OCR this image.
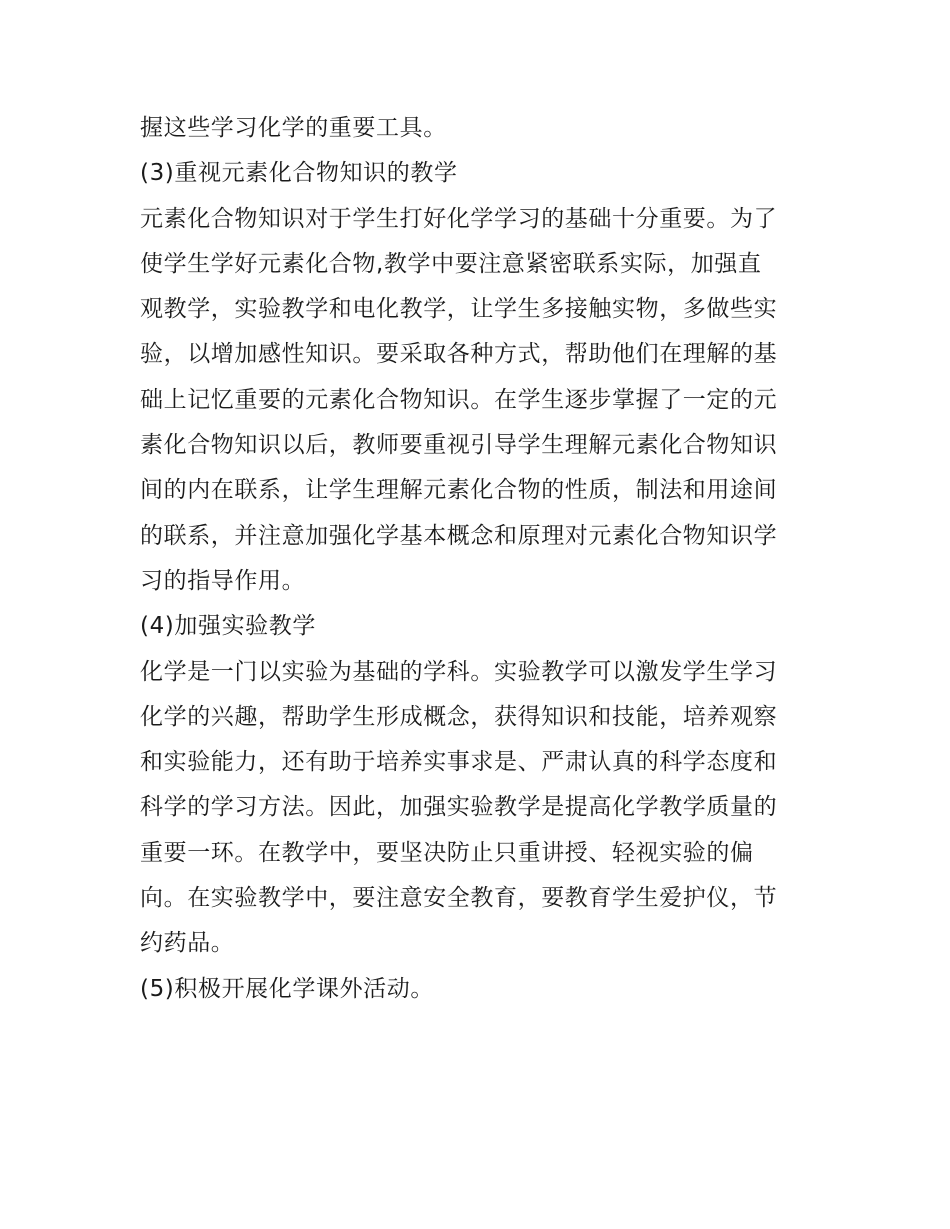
握这些学习化学的重要工具。
(3)重视元素化合物知识的教学
元素化合物知识对于学生打好化学学习的基础十分重要。为了
使学生学好元素化合物,教学中要注意紧密联系实际，加强直
观教学，实验教学和电化教学，让学生多接触实物，多做些实
验，以增加感性知识。要采取各种方式，帮助他们在理解的基
础上记忆重要的元素化合物知识。在学生逐步掌握了一定的元
素化合物知识以后，教师要重视引导学生理解元素化合物知识
间的内在联系，让学生理解元素化合物的性质，制法和用途间
的联系，并注意加强化学基本概念和原理对元素化合物知识学
习的指导作用。
(4)加强实验教学
化学是一门以实验为基础的学科。实验教学可以激发学生学习
化学的兴趣，帮助学生形成概念，获得知识和技能，培养观察
和实验能力，还有助于培养实事求是、严肃认真的科学态度和
科学的学习方法。因此，加强实验教学是提高化学教学质量的
重要一环。在教学中，要坚决防止只重讲授、轻视实验的偏
向。在实验教学中，要注意安全教育，要教育学生爱护仪，节
约药品。
(5)积极开展化学课外活动。
